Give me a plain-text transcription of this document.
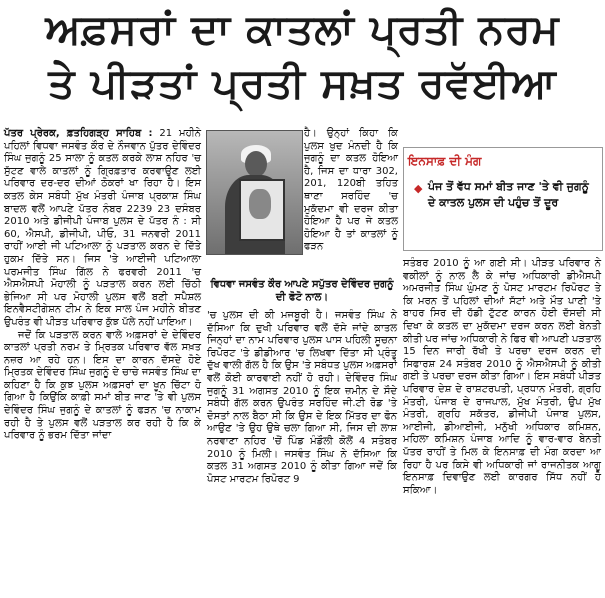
ਅਫ਼ਸਰਾਂ ਦਾ ਕਾਤਲਾਂ ਪ੍ਰਤੀ ਨਰਮ
ਤੇ ਪੀੜਤਾਂ ਪ੍ਰਤੀ ਸਖ਼ਤ ਰਵੱਈਆ

ਪੱਤਰ ਪ੍ਰੇਰਕ, ਫ਼ਤਹਿਗੜ੍ਹ ਸਾਹਿਬ : 21 ਮਹੀਨੇ ਪਹਿਲਾਂ ਵਿਧਵਾ ਜਸਵੰਤ ਕੌਰ ਦੇ ਨੌਜਵਾਨ ਪੁੱਤਰ ਦੇਵਿੰਦਰ ਸਿੰਘ ਜੁਗਨੂੰ 25 ਸਾਲਾ ਨੂੰ ਕਤਲ ਕਰਕੇ ਲਾਸ਼ ਨਹਿਰ 'ਚ ਸੁੱਟਣ ਵਾਲੇ ਕਾਤਲਾਂ ਨੂੰ ਗ੍ਰਿਫ਼ਤਾਰ ਕਰਵਾਉਣ ਲਈ ਪਰਿਵਾਰ ਦਰ-ਦਰ ਦੀਆਂ ਠੋਕਰਾਂ ਖਾ ਰਿਹਾ ਹੈ। ਇਸ ਕਤਲ ਕੇਸ ਸਬੰਧੀ ਮੁੱਖ ਮੰਤਰੀ ਪੰਜਾਬ ਪ੍ਰਕਾਸ਼ ਸਿੰਘ ਬਾਦਲ ਵਲੋਂ ਆਪਣੇ ਪੱਤਰ ਨੰਬਰ 2239 23 ਦਸੰਬਰ 2010 ਅਤੇ ਡੀਜੀਪੀ ਪੰਜਾਬ ਪੁਲਸ ਦੇ ਪੱਤਰ ਨੰ : ਸੀ 60, ਐਸਪੀ, ਡੀਜੀਪੀ, ਪੀਓ, 31 ਜਨਵਰੀ 2011 ਰਾਹੀਂ ਆਈ ਜੀ ਪਟਿਆਲਾ ਨੂੰ ਪੜਤਾਲ ਕਰਨ ਦੇ ਦਿੱਤੇ ਹੁਕਮ ਦਿੱਤੇ ਸਨ। ਜਿਸ 'ਤੇ ਆਈਜੀ ਪਟਿਆਲਾ ਪਰਮਜੀਤ ਸਿੰਘ ਗਿੱਲ ਨੇ ਫਰਵਰੀ 2011 'ਚ ਐਸਐਸਪੀ ਮੋਹਾਲੀ ਨੂੰ ਪੜਤਾਲ ਕਰਨ ਲਈ ਚਿੱਠੀ ਭੇਜਿਆ ਸੀ ਪਰ ਮੋਹਾਲੀ ਪੁਲਸ ਵਲੋਂ ਬਣੀ ਸਪੈਸ਼ਲ ਇਨਵੈਸਟੀਗੇਸ਼ਨ ਟੀਮ ਨੇ ਇਕ ਸਾਲ ਪੰਜ ਮਹੀਨੇ ਬੀਤਣ ਉਪਰੰਤ ਵੀ ਪੀੜਤ ਪਰਿਵਾਰ ਕੁੱਝ ਪੱਲੇ ਨਹੀਂ ਪਾਇਆ।

ਜਦੋਂ ਕਿ ਪੜਤਾਲ ਕਰਨ ਵਾਲੇ ਅਫ਼ਸਰਾਂ ਦੇ ਦੇਵਿੰਦਰ ਕਾਤਲਾਂ ਪ੍ਰਤੀ ਨਰਮ ਤੇ ਮ੍ਰਿਤਕ ਪਰਿਵਾਰ ਵੱਲ ਸਖ਼ਤ ਨਜ਼ਰ ਆ ਰਹੇ ਹਨ। ਇਸ ਦਾ ਕਾਰਨ ਦੱਸਦੇ ਹੋਏ ਮ੍ਰਿਤਕ ਦੇਵਿੰਦਰ ਸਿੰਘ ਜੁਗਨੂੰ ਦੇ ਚਾਚੇ ਜਸਵੰਤ ਸਿੰਘ ਦਾ ਕਹਿਣਾ ਹੈ ਕਿ ਕੁਝ ਪੁਲਸ ਅਫ਼ਸਰਾਂ ਦਾ ਖੂਨ ਚਿੱਟਾ ਹੋ ਗਿਆ ਹੈ ਕਿਉਂਕਿ ਕਾਫ਼ੀ ਸਮਾਂ ਬੀਤ ਜਾਣ 'ਤੇ ਵੀ ਪੁਲਸ ਦੇਵਿੰਦਰ ਸਿੰਘ ਜੁਗਨੂੰ ਦੇ ਕਾਤਲਾਂ ਨੂੰ ਫੜਨ 'ਚ ਨਾਕਾਮ ਰਹੀ ਹੈ ਤੇ ਪੁਲਸ ਵਲੋਂ ਪੜਤਾਲ ਕਰ ਰਹੀ ਹੈ ਕਿ ਕੇ ਪਰਿਵਾਰ ਨੂੰ ਭਰਮ ਦਿੱਤਾ ਜਾਂਦਾ

ਹੈ। ਉਨ੍ਹਾਂ ਕਿਹਾ ਕਿ ਪੁਲਸ ਖੁਦ ਮੰਨਦੀ ਹੈ ਕਿ ਜੁਗਨੂੰ ਦਾ ਕਤਲ ਹੋਇਆ ਹੈ, ਜਿਸ ਦਾ ਧਾਰਾ 302, 201, 120ਬੀ ਤਹਿਤ ਥਾਣਾ ਸਰਹਿੰਦ 'ਚ ਮੁਕੱਦਮਾ ਵੀ ਦਰਜ ਕੀਤਾ ਹੋਇਆ ਹੈ ਪਰ ਜੇ ਕਤਲ ਹੋਇਆ ਹੈ ਤਾਂ ਕਾਤਲਾਂ ਨੂੰ ਫੜਨ
ਵਿਧਵਾ ਜਸਵੰਤ ਕੌਰ ਆਪਣੇ ਸਪੁੱਤਰ ਦੇਵਿੰਦਰ ਜੁਗਨੂੰ ਦੀ ਫੋਟੋ ਨਾਲ।
'ਚ ਪੁਲਸ ਦੀ ਕੀ ਮਜਬੂਰੀ ਹੈ। ਜਸਵੰਤ ਸਿੰਘ ਨੇ ਦੱਸਿਆ ਕਿ ਦੁਖੀ ਪਰਿਵਾਰ ਵਲੋਂ ਦੱਸੇ ਜਾਂਦੇ ਕਾਤਲ ਜਿਨ੍ਹਾਂ ਦਾ ਨਾਮ ਪਰਿਵਾਰ ਪੁਲਸ ਪਾਸ ਪਹਿਲੀ ਸੂਚਨਾ ਰਿਪੋਰਟ 'ਤੇ ਡੀਡੀਆਰ 'ਚ ਲਿਖਵਾ ਦਿੱਤਾ ਸੀ ਪ੍ਰੰਤੂ ਦੁੱਖ ਵਾਲੀ ਗੱਲ ਹੈ ਕਿ ਉਸ 'ਤੇ ਸਬੰਧਤ ਪੁਲਸ ਅਫ਼ਸਰਾਂ ਵਲੋਂ ਕੋਈ ਕਾਰਵਾਈ ਨਹੀਂ ਹੋ ਰਹੀ। ਦੇਵਿੰਦਰ ਸਿੰਘ ਜੁਗਨੂੰ 31 ਅਗਸਤ 2010 ਨੂੰ ਇਕ ਜ਼ਮੀਨ ਦੇ ਸੌਦੇ ਸਬੰਧੀ ਗੱਲ ਕਰਨ ਉਪਰੰਤ ਸਰਹਿੰਦ ਜੀ.ਟੀ ਰੋਡ 'ਤੇ ਦੋਸਤਾਂ ਨਾਲ ਬੈਠਾ ਸੀ ਕਿ ਉਸ ਦੇ ਇਕ ਮਿੱਤਰ ਦਾ ਫੋਨ ਆਉਣ 'ਤੇ ਉਹ ਉਥੇ ਚਲਾ ਗਿਆ ਸੀ, ਜਿਸ ਦੀ ਲਾਸ਼ ਨਰਵਾਣਾ ਨਹਿਰ 'ਚੋਂ ਪਿੰਡ ਮੰਡੌਲੀ ਕੋਲੋਂ 4 ਸਤੰਬਰ 2010 ਨੂੰ ਮਿਲੀ। ਜਸਵੰਤ ਸਿੰਘ ਨੇ ਦੱਸਿਆ ਕਿ ਕਤਲ 31 ਅਗਸਤ 2010 ਨੂੰ ਕੀਤਾ ਗਿਆ ਜਦੋਂ ਕਿ ਪੋਸਟ ਮਾਰਟਮ ਰਿਪੋਰਟ 9
ਇਨਸਾਫ਼ ਦੀ ਮੰਗ
◆ ਪੰਜ ਤੋਂ ਵੱਧ ਸਮਾਂ ਬੀਤ ਜਾਣ 'ਤੇ ਵੀ ਜੁਗਨੂੰ ਦੇ ਕਾਤਲ ਪੁਲਸ ਦੀ ਪਹੁੰਚ ਤੋਂ ਦੂਰ
ਸਤੰਬਰ 2010 ਨੂੰ ਆ ਗਈ ਸੀ। ਪੀੜਤ ਪਰਿਵਾਰ ਨੇ ਵਕੀਲਾਂ ਨੂੰ ਨਾਲ ਲੈ ਕੇ ਜਾਂਚ ਅਧਿਕਾਰੀ ਡੀਐਸਪੀ ਅਮਰਜੀਤ ਸਿੰਘ ਘੁੰਮਣ ਨੂੰ ਪੋਸਟ ਮਾਰਟਮ ਰਿਪੋਰਟ ਤੇ ਕਿ ਮਰਨ ਤੋਂ ਪਹਿਲਾਂ ਦੀਆਂ ਸੱਟਾਂ ਅਤੇ ਮੌਤ ਪਾਣੀ 'ਤੇ ਬਾਹਰ ਸਿਰ ਦੀ ਹੱਡੀ ਟੁੱਟਣ ਕਾਰਨ ਹੋਈ ਦੱਸਦੀ ਸੀ ਦਿਖਾ ਕੇ ਕਤਲ ਦਾ ਮੁਕੱਦਮਾ ਦਰਜ ਕਰਨ ਲਈ ਬੇਨਤੀ ਕੀਤੀ ਪਰ ਜਾਂਚ ਅਧਿਕਾਰੀ ਨੇ ਫਿਰ ਵੀ ਆਪਣੀ ਪੜਤਾਲ 15 ਦਿਨ ਜਾਰੀ ਰੱਖੀ ਤੇ ਪਰਚਾ ਦਰਜ ਕਰਨ ਦੀ ਸਿਫਾਰਸ਼ 24 ਸਤੰਬਰ 2010 ਨੂੰ ਐਸਐਸਪੀ ਨੂੰ ਕੀਤੀ ਗਈ ਤੇ ਪਰਚਾ ਦਰਜ ਕੀਤਾ ਗਿਆ। ਇਸ ਸਬੰਧੀ ਪੀੜਤ ਪਰਿਵਾਰ ਦੇਸ਼ ਦੇ ਰਾਸ਼ਟਰਪਤੀ, ਪ੍ਰਧਾਨ ਮੰਤਰੀ, ਗ੍ਰਹਿ ਮੰਤਰੀ, ਪੰਜਾਬ ਦੇ ਰਾਜਪਾਲ, ਮੁੱਖ ਮੰਤਰੀ, ਉਪ ਮੁੱਖ ਮੰਤਰੀ, ਗ੍ਰਹਿ ਸਕੱਤਰ, ਡੀਜੀਪੀ ਪੰਜਾਬ ਪੁਲਸ, ਆਈਜੀ, ਡੀਆਈਜੀ, ਮਨੁੱਖੀ ਅਧਿਕਾਰ ਕਮਿਸ਼ਨ, ਮਹਿਲਾ ਕਮਿਸ਼ਨ ਪੰਜਾਬ ਆਦਿ ਨੂੰ ਵਾਰ-ਵਾਰ ਬੇਨਤੀ ਪੱਤਰ ਰਾਹੀਂ ਤੇ ਮਿਲ ਕੇ ਇਨਸਾਫ਼ ਦੀ ਮੰਗ ਕਰਦਾ ਆ ਰਿਹਾ ਹੈ ਪਰ ਕਿਸੇ ਵੀ ਅਧਿਕਾਰੀ ਜਾਂ ਰਾਜਨੀਤਕ ਆਗੂ ਇਨਸਾਫ਼ ਦਿਵਾਉਣ ਲਈ ਕਾਰਗਰ ਸਿੱਧ ਨਹੀਂ ਹੋ ਸਕਿਆ।
